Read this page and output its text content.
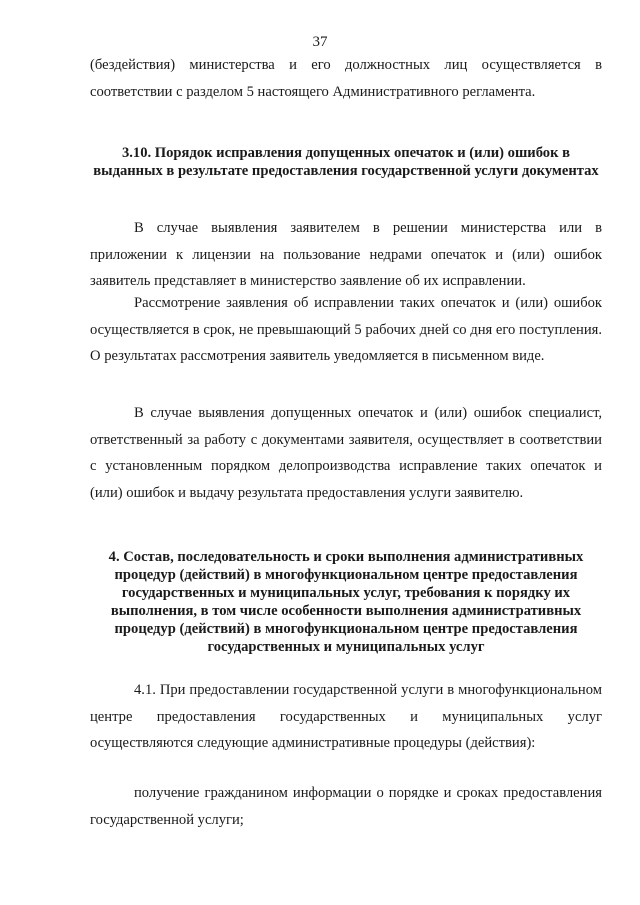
37

(бездействия) министерства и его должностных лиц осуществляется в соответствии с разделом 5 настоящего Административного регламента.

3.10. Порядок исправления допущенных опечаток и (или) ошибок в выданных в результате предоставления государственной услуги документах

В случае выявления заявителем в решении министерства или в приложении к лицензии на пользование недрами опечаток и (или) ошибок заявитель представляет в министерство заявление об их исправлении.

Рассмотрение заявления об исправлении таких опечаток и (или) ошибок осуществляется в срок, не превышающий 5 рабочих дней со дня его поступления. О результатах рассмотрения заявитель уведомляется в письменном виде.

В случае выявления допущенных опечаток и (или) ошибок специалист, ответственный за работу с документами заявителя, осуществляет в соответствии с установленным порядком делопроизводства исправление таких опечаток и (или) ошибок и выдачу результата предоставления услуги заявителю.

4. Состав, последовательность и сроки выполнения административных процедур (действий) в многофункциональном центре предоставления государственных и муниципальных услуг, требования к порядку их выполнения, в том числе особенности выполнения административных процедур (действий) в многофункциональном центре предоставления государственных и муниципальных услуг

4.1. При предоставлении государственной услуги в многофункциональном центре предоставления государственных и муниципальных услуг осуществляются следующие административные процедуры (действия):

получение гражданином информации о порядке и сроках предоставления государственной услуги;
